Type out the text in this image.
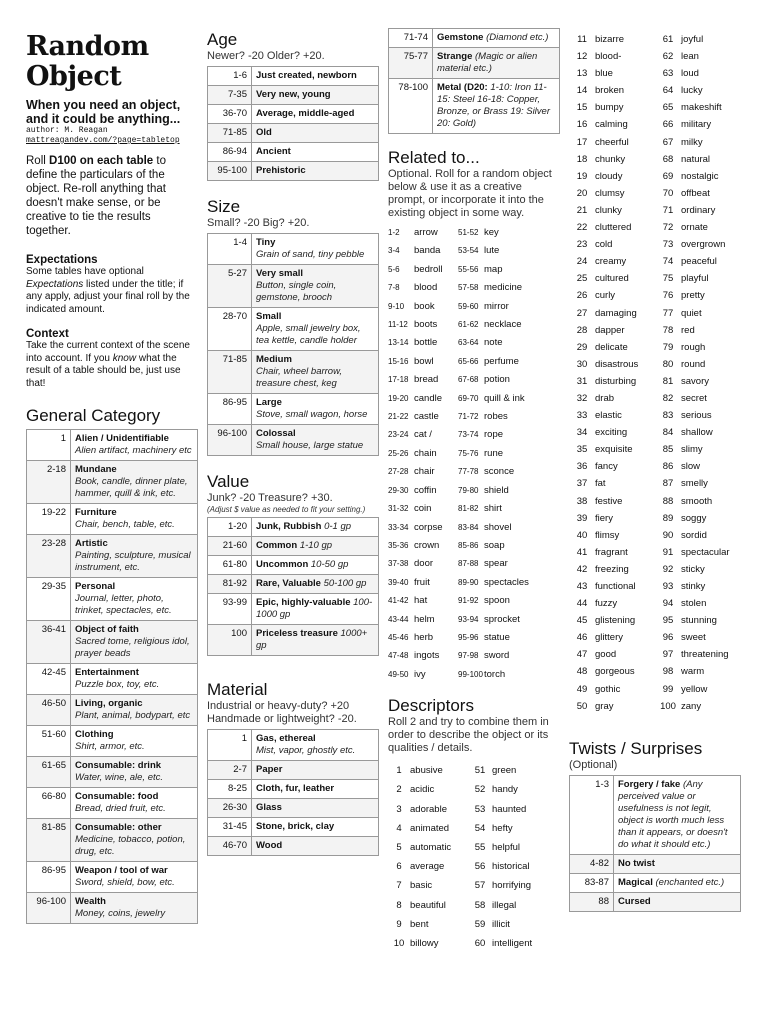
Random Object
When you need an object, and it could be anything...
author: M. Reagan
mattreagandev.com/?page=tabletop
Roll D100 on each table to define the particulars of the object. Re-roll anything that doesn't make sense, or be creative to tie the results together.
Expectations
Some tables have optional Expectations listed under the title; if any apply, adjust your final roll by the indicated amount.
Context
Take the current context of the scene into account. If you know what the result of a table should be, just use that!
General Category
1	Alien / Unidentifiable
Alien artifact, machinery etc

2-18	Mundane
Book, candle, dinner plate, hammer, quill & ink, etc.

19-22	Furniture
Chair, bench, table, etc.

23-28	Artistic
Painting, sculpture, musical instrument, etc.

29-35	Personal
Journal, letter, photo, trinket, spectacles, etc.

36-41	Object of faith
Sacred tome, religious idol, prayer beads

42-45	Entertainment
Puzzle box, toy, etc.

46-50	Living, organic
Plant, animal, bodypart, etc

51-60	Clothing
Shirt, armor, etc.

61-65	Consumable: drink
Water, wine, ale, etc.

66-80	Consumable: food
Bread, dried fruit, etc.

81-85	Consumable: other
Medicine, tobacco, potion, drug, etc.

86-95	Weapon / tool of war
Sword, shield, bow, etc.

96-100	Wealth
Money, coins, jewelry
Age
Newer? -20 Older? +20.
1-6	Just created, newborn
7-35	Very new, young
36-70	Average, middle-aged
71-85	Old
86-94	Ancient
95-100	Prehistoric
Size
Small? -20 Big? +20.
1-4	Tiny
Grain of sand, tiny pebble

5-27	Very small
Button, single coin, gemstone, brooch

28-70	Small
Apple, small jewelry box, tea kettle, candle holder

71-85	Medium
Chair, wheel barrow, treasure chest, keg

86-95	Large
Stove, small wagon, horse

96-100	Colossal
Small house, large statue
Value
Junk? -20 Treasure? +30.
(Adjust $ value as needed to fit your setting.)
1-20	Junk, Rubbish 0-1 gp
21-60	Common 1-10 gp
61-80	Uncommon 10-50 gp
81-92	Rare, Valuable 50-100 gp
93-99	Epic, highly-valuable 100-1000 gp
100	Priceless treasure 1000+ gp
Material
Industrial or heavy-duty? +20
Handmade or lightweight? -20.
1	Gas, ethereal
Mist, vapor, ghostly etc.

2-7	Paper
8-25	Cloth, fur, leather
26-30	Glass
31-45	Stone, brick, clay
46-70	Wood
71-74	Gemstone (Diamond etc.)
75-77	Strange (Magic or alien material etc.)
78-100	Metal (D20: 1-10: Iron 11-15: Steel 16-18: Copper, Bronze, or Brass 19: Silver 20: Gold)
Related to...
Optional. Roll for a random object below & use it as a creative prompt, or incorporate it into the existing object in some way.
1-2	arrow	51-52 key
3-4	banda	53-54 lute
5-6	bedroll	55-56 map
7-8	blood	57-58 medicine
9-10	book	59-60 mirror
11-12 boots	61-62 necklace
13-14 bottle	63-64 note
15-16 bowl	65-66 perfume
17-18 bread	67-68 potion
19-20 candle	69-70 quill & ink
21-22 castle	71-72 robes
23-24 cat /	73-74 rope
25-26 chain	75-76 rune
27-28 chair	77-78 sconce
29-30 coffin	79-80 shield
31-32 coin	81-82 shirt
33-34 corpse	83-84 shovel
35-36 crown	85-86 soap
37-38 door	87-88 spear
39-40 fruit	89-90 spectacles
41-42 hat	91-92 spoon
43-44 helm	93-94 sprocket
45-46 herb	95-96 statue
47-48 ingots	97-98 sword
49-50 ivy	99-100 torch
Descriptors
Roll 2 and try to combine them in order to describe the object or its qualities / details.
1 abusive	51 green
2 acidic	52 handy
3 adorable	53 haunted
4 animated	54 hefty
5 automatic	55 helpful
6 average	56 historical
7 basic	57 horrifying
8 beautiful	58 illegal
9 bent	59 illicit
10 billowy	60 intelligent
11 bizarre	61 joyful
12 blood-	62 lean
13 blue	63 loud
14 broken	64 lucky
15 bumpy	65 makeshift
16 calming	66 military
17 cheerful	67 milky
18 chunky	68 natural
19 cloudy	69 nostalgic
20 clumsy	70 offbeat
21 clunky	71 ordinary
22 cluttered	72 ornate
23 cold	73 overgrown
24 creamy	74 peaceful
25 cultured	75 playful
26 curly	76 pretty
27 damaging	77 quiet
28 dapper	78 red
29 delicate	79 rough
30 disastrous	80 round
31 disturbing	81 savory
32 drab	82 secret
33 elastic	83 serious
34 exciting	84 shallow
35 exquisite	85 slimy
36 fancy	86 slow
37 fat	87 smelly
38 festive	88 smooth
39 fiery	89 soggy
40 flimsy	90 sordid
41 fragrant	91 spectacular
42 freezing	92 sticky
43 functional	93 stinky
44 fuzzy	94 stolen
45 glistening	95 stunning
46 glittery	96 sweet
47 good	97 threatening
48 gorgeous	98 warm
49 gothic	99 yellow
50 gray	100 zany
Twists / Surprises
(Optional)
1-3	Forgery / fake (Any perceived value or usefulness is not legit, object is worth much less than it appears, or doesn't do what it should etc.)
4-82	No twist
83-87	Magical (enchanted etc.)
88	Cursed
